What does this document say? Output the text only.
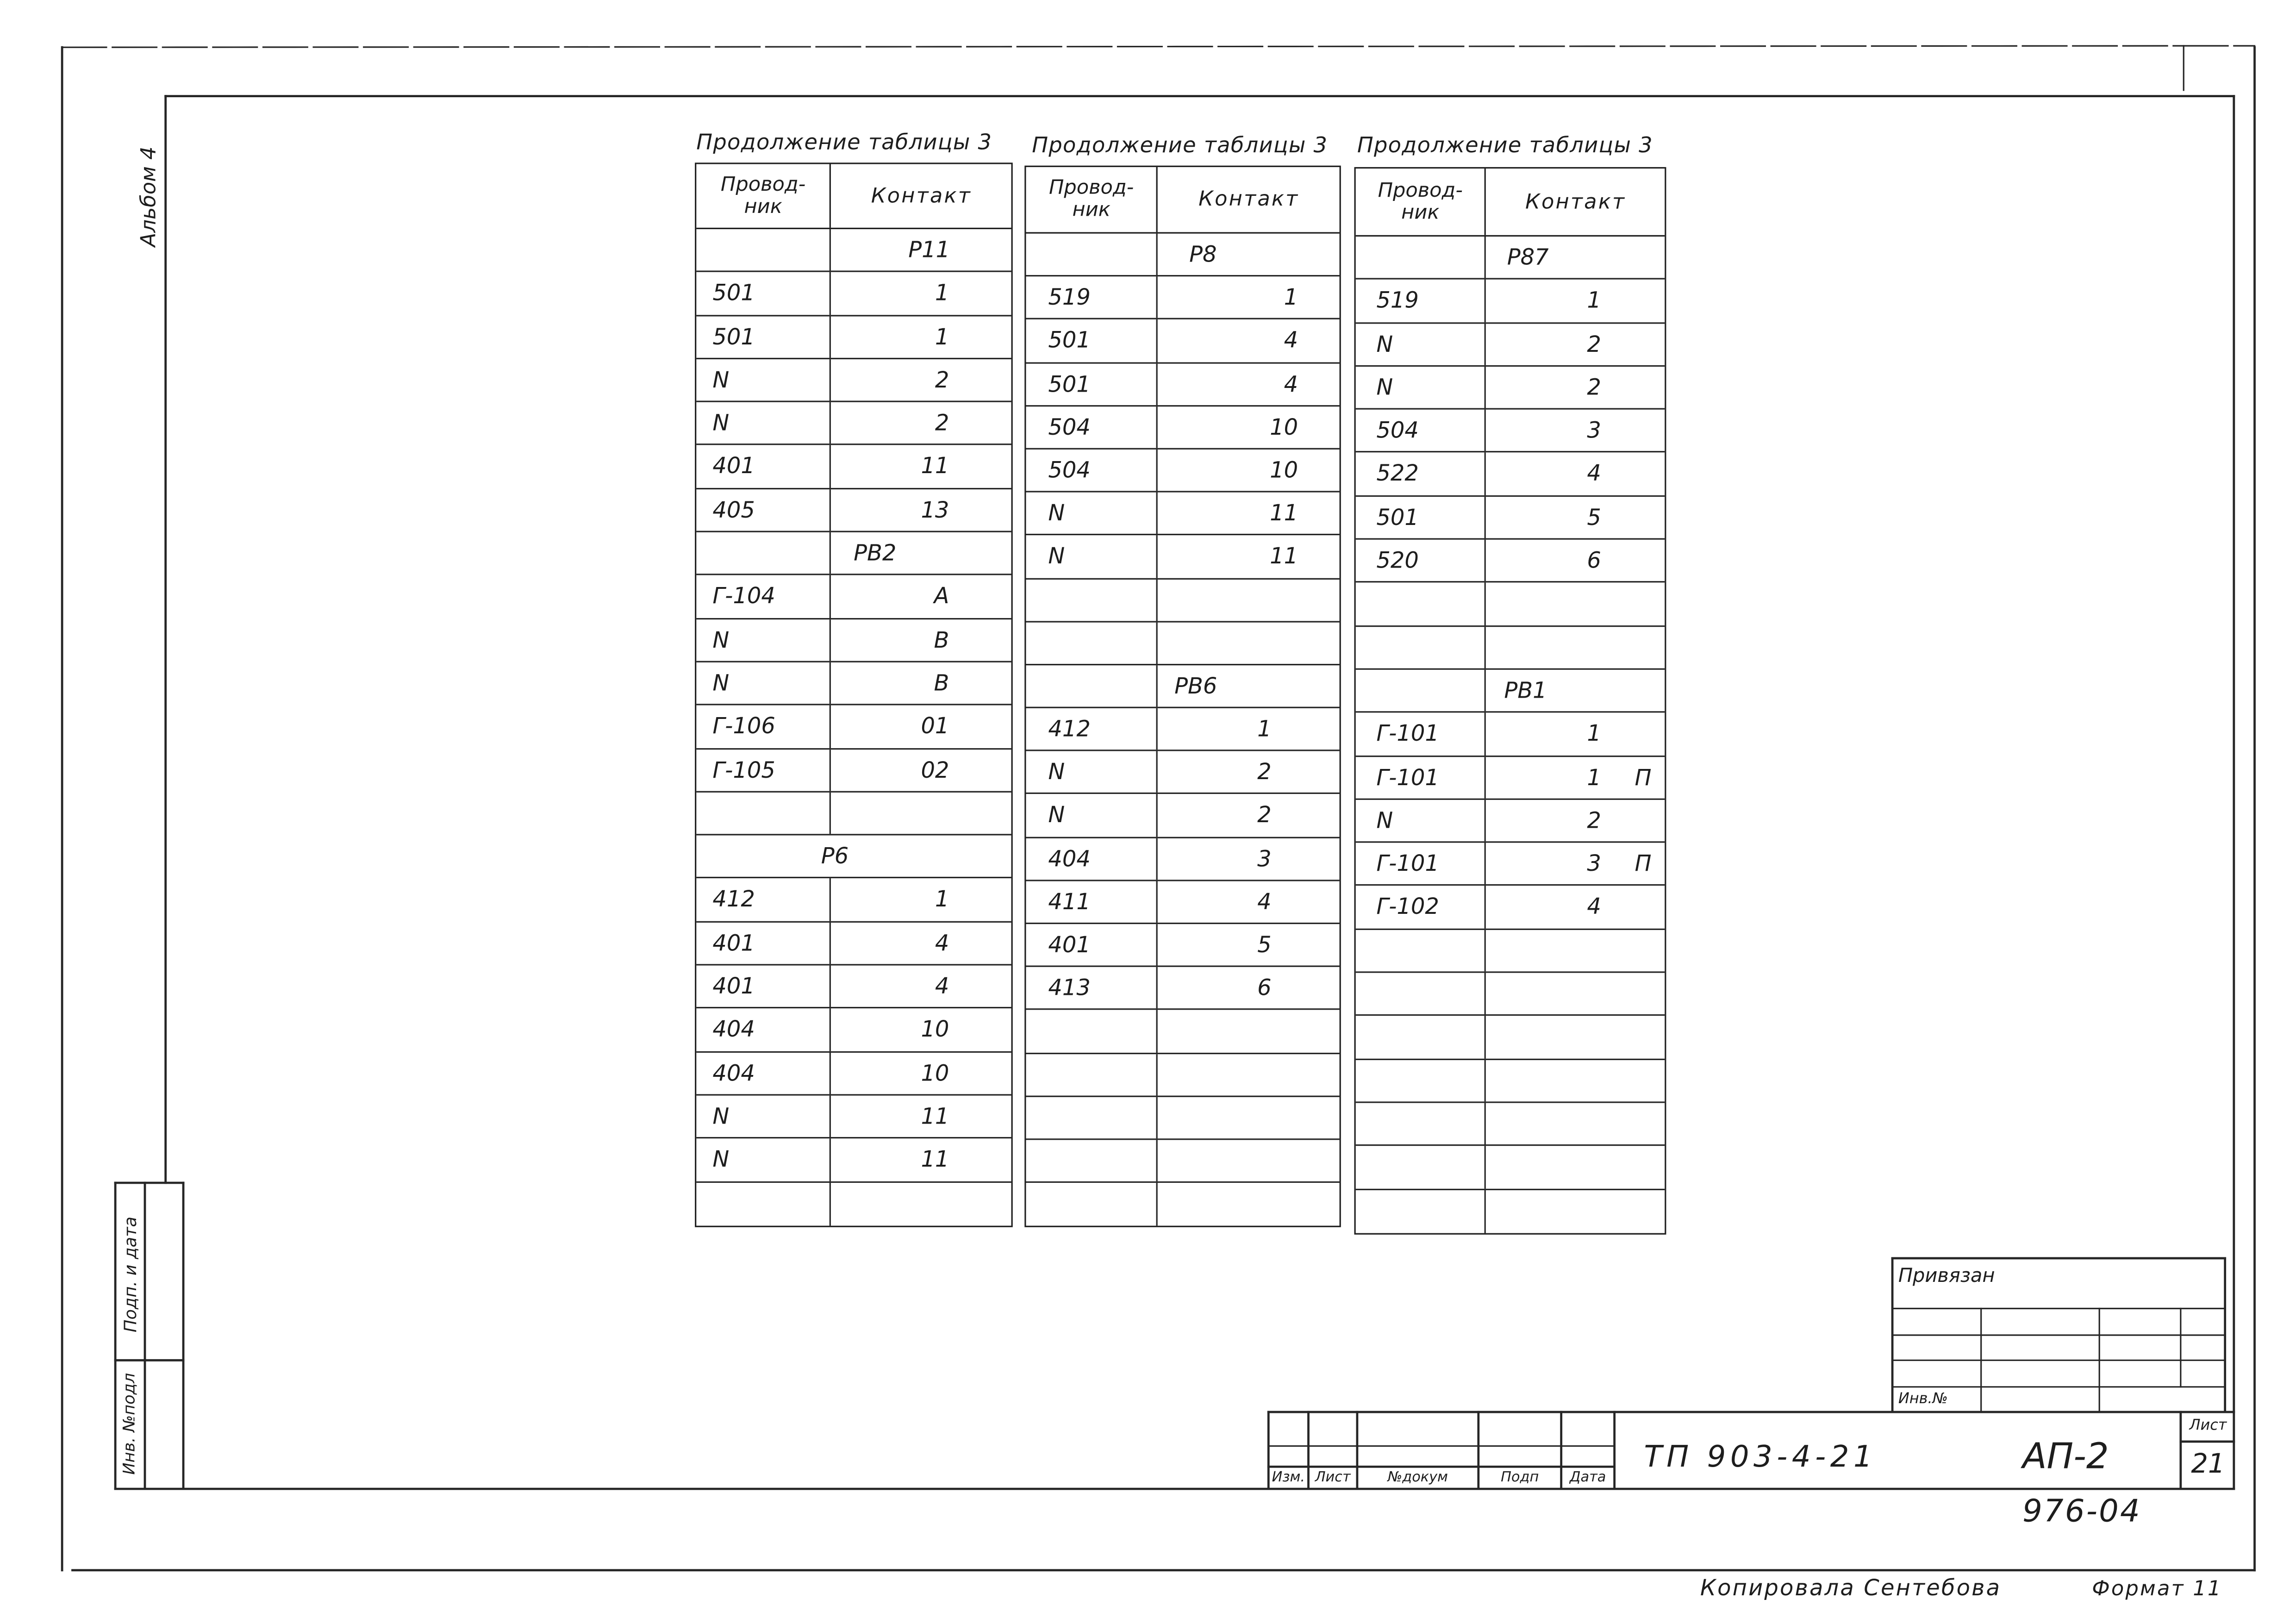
Альбом 4
Подп. и дата
Инв. №подл
Продолжение таблицы 3	Продолжение таблицы 3	Продолжение таблицы 3
Провод-
ник	Контакт
Р11
501	1
501	1
N	2
N	2
401	11
405	13
РВ2
Г-104	А
N	В
N	В
Г-106	01
Г-105	02
Р6
412	1
401	4
401	4
404	10
404	10
N	11
N	11
Провод-
ник	Контакт
Р8
519	1
501	4
501	4
504	10
504	10
N	11
N	11
РВ6
412	1
N	2
N	2
404	3
411	4
401	5
413	6
Провод-
ник	Контакт
Р87
519	1
N	2
N	2
504	3
522	4
501	5
520	6
РВ1
Г-101	1
Г-101	1	П
N	2
Г-101	3	П
Г-102	4
Привязан
Инв.№
Изм.	Лист	№докум	Подп	Дата
ТП 903-4-21	АП-2
Лист
21
976-04
Копировала Сентебова	Формат 11
